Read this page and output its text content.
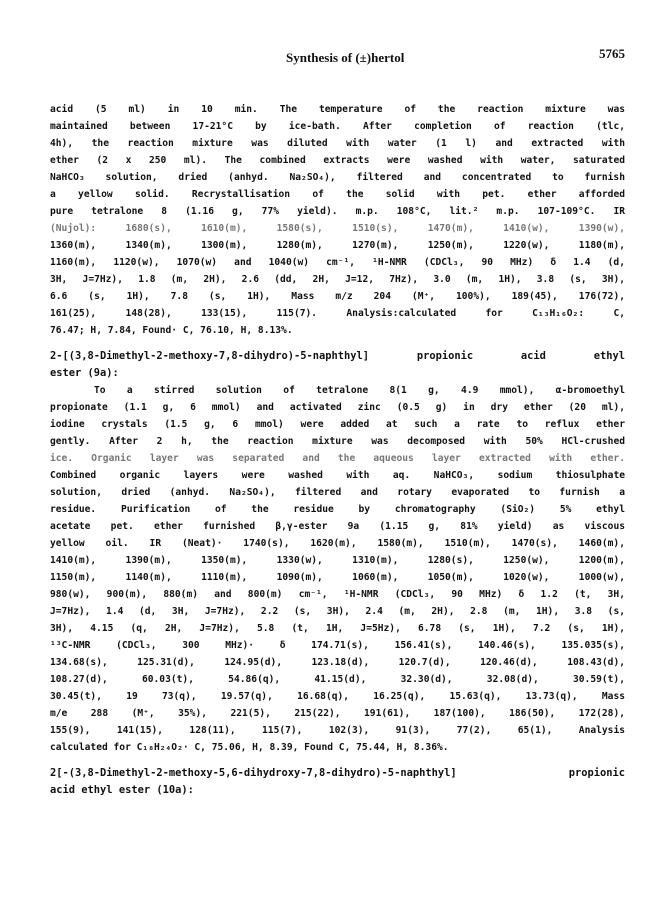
Synthesis of (±)hertol	5765
acid (5 ml) in 10 min. The temperature of the reaction mixture was
maintained between 17-21°C by ice-bath. After completion of reaction (tlc,
4h), the reaction mixture was diluted with water (1 l) and extracted with
ether (2 x 250 ml). The combined extracts were washed with water, saturated
NaHCO₃ solution, dried (anhyd. Na₂SO₄), filtered and concentrated to furnish
a yellow solid. Recrystallisation of the solid with pet. ether afforded
pure tetralone 8 (1.16 g, 77% yield). m.p. 108°C, lit.² m.p. 107-109°C. IR
(Nujol): 1680(s), 1610(m), 1580(s), 1510(s), 1470(m), 1410(w), 1390(w),
1360(m), 1340(m), 1300(m), 1280(m), 1270(m), 1250(m), 1220(w), 1180(m),
1160(m), 1120(w), 1070(w) and 1040(w) cm⁻¹, ¹H-NMR (CDCl₃, 90 MHz) δ 1.4 (d,
3H, J=7Hz), 1.8 (m, 2H), 2.6 (dd, 2H, J=12, 7Hz), 3.0 (m, 1H), 3.8 (s, 3H),
6.6 (s, 1H), 7.8 (s, 1H), Mass m/z 204 (M⁺, 100%), 189(45), 176(72),
161(25), 148(28), 133(15), 115(7). Analysis:calculated for C₁₃H₁₆O₂: C,
76.47; H, 7.84, Found· C, 76.10, H, 8.13%.
2-[(3,8-Dimethyl-2-methoxy-7,8-dihydro)-5-naphthyl] propionic acid ethyl
ester (9a):
To a stirred solution of tetralone 8(1 g, 4.9 mmol), α-bromoethyl
propionate (1.1 g, 6 mmol) and activated zinc (0.5 g) in dry ether (20 ml),
iodine crystals (1.5 g, 6 mmol) were added at such a rate to reflux ether
gently. After 2 h, the reaction mixture was decomposed with 50% HCl-crushed
ice. Organic layer was separated and the aqueous layer extracted with ether.
Combined organic layers were washed with aq. NaHCO₃, sodium thiosulphate
solution, dried (anhyd. Na₂SO₄), filtered and rotary evaporated to furnish a
residue. Purification of the residue by chromatography (SiO₂) 5% ethyl
acetate pet. ether furnished β,γ-ester 9a (1.15 g, 81% yield) as viscous
yellow oil. IR (Neat)· 1740(s), 1620(m), 1580(m), 1510(m), 1470(s), 1460(m),
1410(m), 1390(m), 1350(m), 1330(w), 1310(m), 1280(s), 1250(w), 1200(m),
1150(m), 1140(m), 1110(m), 1090(m), 1060(m), 1050(m), 1020(w), 1000(w),
980(w), 900(m), 880(m) and 800(m) cm⁻¹, ¹H-NMR (CDCl₃, 90 MHz) δ 1.2 (t, 3H,
J=7Hz), 1.4 (d, 3H, J=7Hz), 2.2 (s, 3H), 2.4 (m, 2H), 2.8 (m, 1H), 3.8 (s,
3H), 4.15 (q, 2H, J=7Hz), 5.8 (t, 1H, J=5Hz), 6.78 (s, 1H), 7.2 (s, 1H),
¹³C-NMR (CDCl₃, 300 MHz)· δ 174.71(s), 156.41(s), 140.46(s), 135.035(s),
134.68(s), 125.31(d), 124.95(d), 123.18(d), 120.7(d), 120.46(d), 108.43(d),
108.27(d), 60.03(t), 54.86(q), 41.15(d), 32.30(d), 32.08(d), 30.59(t),
30.45(t), 19 73(q), 19.57(q), 16.68(q), 16.25(q), 15.63(q), 13.73(q), Mass
m/e 288 (M⁺, 35%), 221(5), 215(22), 191(61), 187(100), 186(50), 172(28),
155(9), 141(15), 128(11), 115(7), 102(3), 91(3), 77(2), 65(1), Analysis
calculated for C₁₈H₂₄O₂· C, 75.06, H, 8.39, Found C, 75.44, H, 8.36%.
2[-(3,8-Dimethyl-2-methoxy-5,6-dihydroxy-7,8-dihydro)-5-naphthyl] propionic
acid ethyl ester (10a):
